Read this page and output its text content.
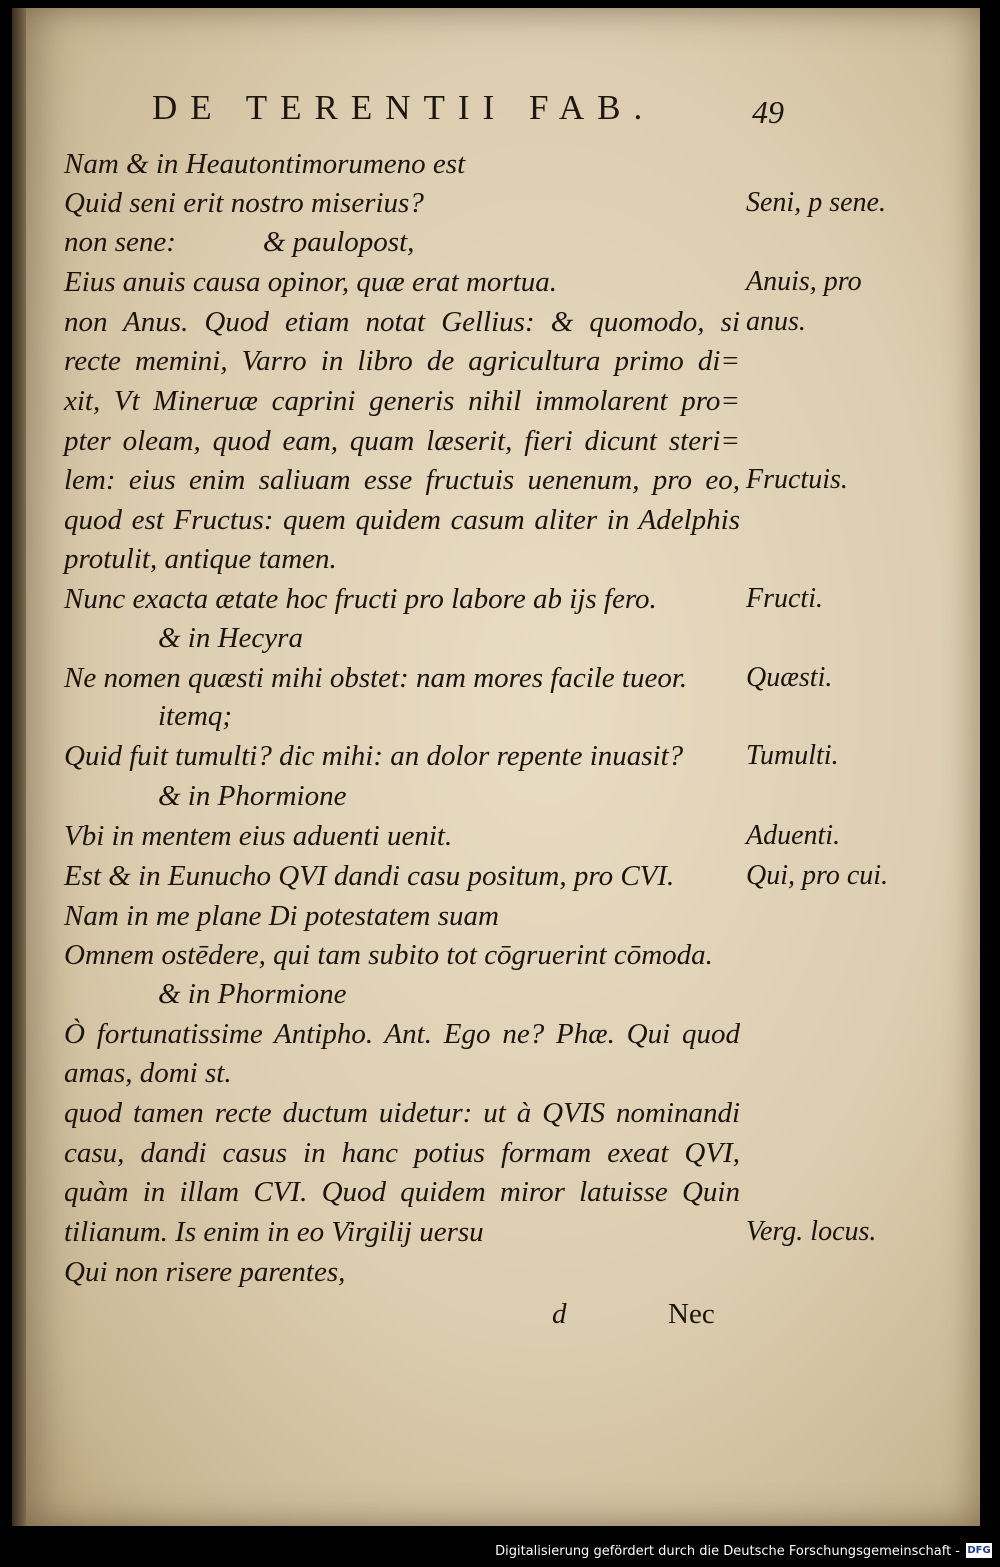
DE TERENTII FAB.	49
Nam & in Heautontimorumeno est
Quid seni erit nostro miserius?
non sene:            & paulopost,
Eius anuis causa opinor, quæ erat mortua.
non Anus. Quod etiam notat Gellius: & quomodo, si
recte memini, Varro in libro de agricultura primo di=
xit, Vt Mineruæ caprini generis nihil immolarent pro=
pter oleam, quod eam, quam læserit, fieri dicunt steri=
lem: eius enim saliuam esse fructuis uenenum, pro eo,
quod est Fructus: quem quidem casum aliter in Adelphis
protulit, antique tamen.
Nunc exacta ætate hoc fructi pro labore ab ijs fero.
& in Hecyra
Ne nomen quæsti mihi obstet: nam mores facile tueor.
itemq;
Quid fuit tumulti? dic mihi: an dolor repente inuasit?
& in Phormione
Vbi in mentem eius aduenti uenit.
Est & in Eunucho QVI dandi casu positum, pro CVI.
Nam in me plane Di potestatem suam
Omnem ostēdere, qui tam subito tot cōgruerint cōmoda.
& in Phormione
Ò fortunatissime Antipho. Ant. Ego ne? Phæ. Qui quod
amas, domi st.
quod tamen recte ductum uidetur: ut à QVIS nominandi
casu, dandi casus in hanc potius formam exeat QVI,
quàm in illam CVI. Quod quidem miror latuisse Quin
tilianum. Is enim in eo Virgilij uersu
Qui non risere parentes,
Seni, p sene.
Anuis, pro
anus.
Fructuis.
Fructi.
Quæsti.
Tumulti.
Aduenti.
Qui, pro cui.
Verg. locus.
d	Nec
Digitalisierung gefördert durch die Deutsche Forschungsgemeinschaft - DFG
